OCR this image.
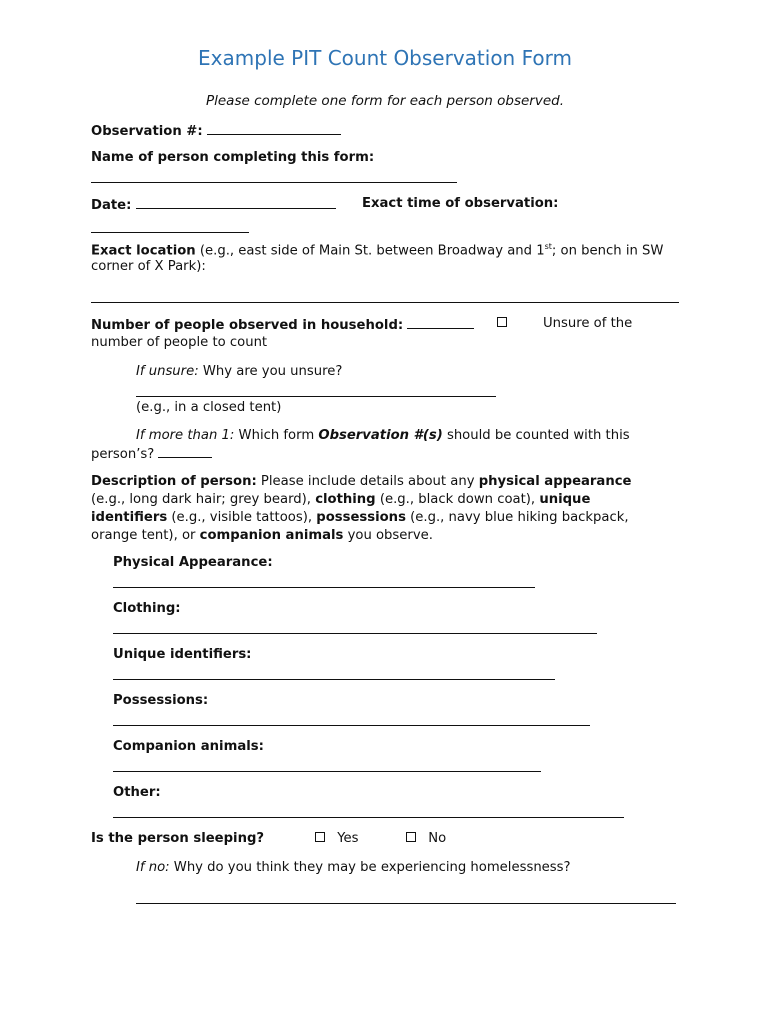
Example PIT Count Observation Form
Please complete one form for each person observed.
Observation #:
Name of person completing this form:
Date:	Exact time of observation:
Exact location (e.g., east side of Main St. between Broadway and 1st; on bench in SW corner of X Park):
Number of people observed in household:	Unsure of the
number of people to count
If unsure: Why are you unsure?
(e.g., in a closed tent)
If more than 1: Which form Observation #(s) should be counted with this
person’s?
Description of person: Please include details about any physical appearance (e.g., long dark hair; grey beard), clothing (e.g., black down coat), unique identifiers (e.g., visible tattoos), possessions (e.g., navy blue hiking backpack, orange tent), or companion animals you observe.
Physical Appearance:
Clothing:
Unique identifiers:
Possessions:
Companion animals:
Other:
Is the person sleeping?	Yes	No
If no: Why do you think they may be experiencing homelessness?
